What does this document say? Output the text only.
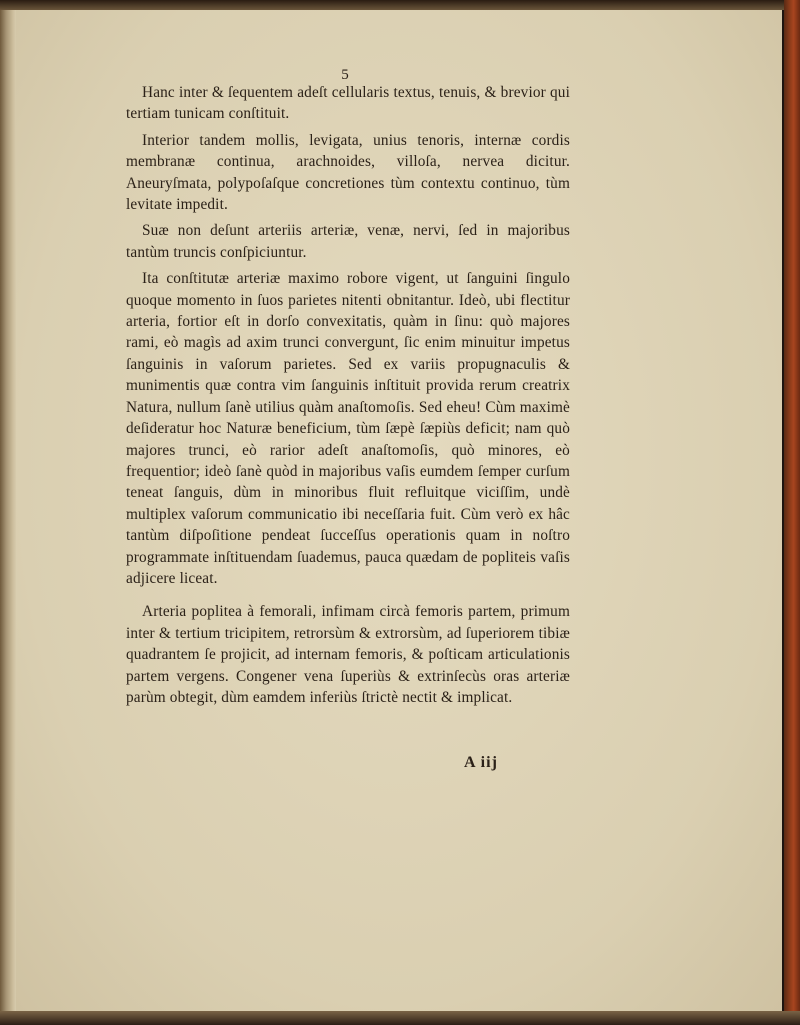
5

Hanc inter & ſequentem adeſt cellularis textus, tenuis, & brevior qui tertiam tunicam conſtituit.

Interior tandem mollis, levigata, unius tenoris, internæ cordis membranæ continua, arachnoides, villoſa, nervea dicitur. Aneuryſmata, polypoſaſque concretiones tùm contextu continuo, tùm levitate impedit.

Suæ non deſunt arteriis arteriæ, venæ, nervi, ſed in majoribus tantùm truncis conſpiciuntur.

Ita conſtitutæ arteriæ maximo robore vigent, ut ſanguini ſingulo quoque momento in ſuos parietes nitenti obnitantur. Ideò, ubi flectitur arteria, fortior eſt in dorſo convexitatis, quàm in ſinu: quò majores rami, eò magìs ad axim trunci convergunt, ſic enim minuitur impetus ſanguinis in vaſorum parietes. Sed ex variis propugnaculis & munimentis quæ contra vim ſanguinis inſtituit provida rerum creatrix Natura, nullum ſanè utilius quàm anaſtomoſis. Sed eheu! Cùm maximè deſideratur hoc Naturæ beneficium, tùm ſæpè ſæpiùs deficit; nam quò majores trunci, eò rarior adeſt anaſtomoſis, quò minores, eò frequentior; ideò ſanè quòd in majoribus vaſis eumdem ſemper curſum teneat ſanguis, dùm in minoribus fluit refluitque viciſſim, undè multiplex vaſorum communicatio ibi neceſſaria fuit. Cùm verò ex hâc tantùm diſpoſitione pendeat ſucceſſus operationis quam in noſtro programmate inſtituendam ſuademus, pauca quædam de popliteis vaſis adjicere liceat.

Arteria poplitea à femorali, infimam circà femoris partem, primum inter & tertium tricipitem, retrorsùm & extrorsùm, ad ſuperiorem tibiæ quadrantem ſe projicit, ad internam femoris, & poſticam articulationis partem vergens. Congener vena ſuperiùs & extrinſecùs oras arteriæ parùm obtegit, dùm eamdem inferiùs ſtrictè nectit & implicat.

A iij
